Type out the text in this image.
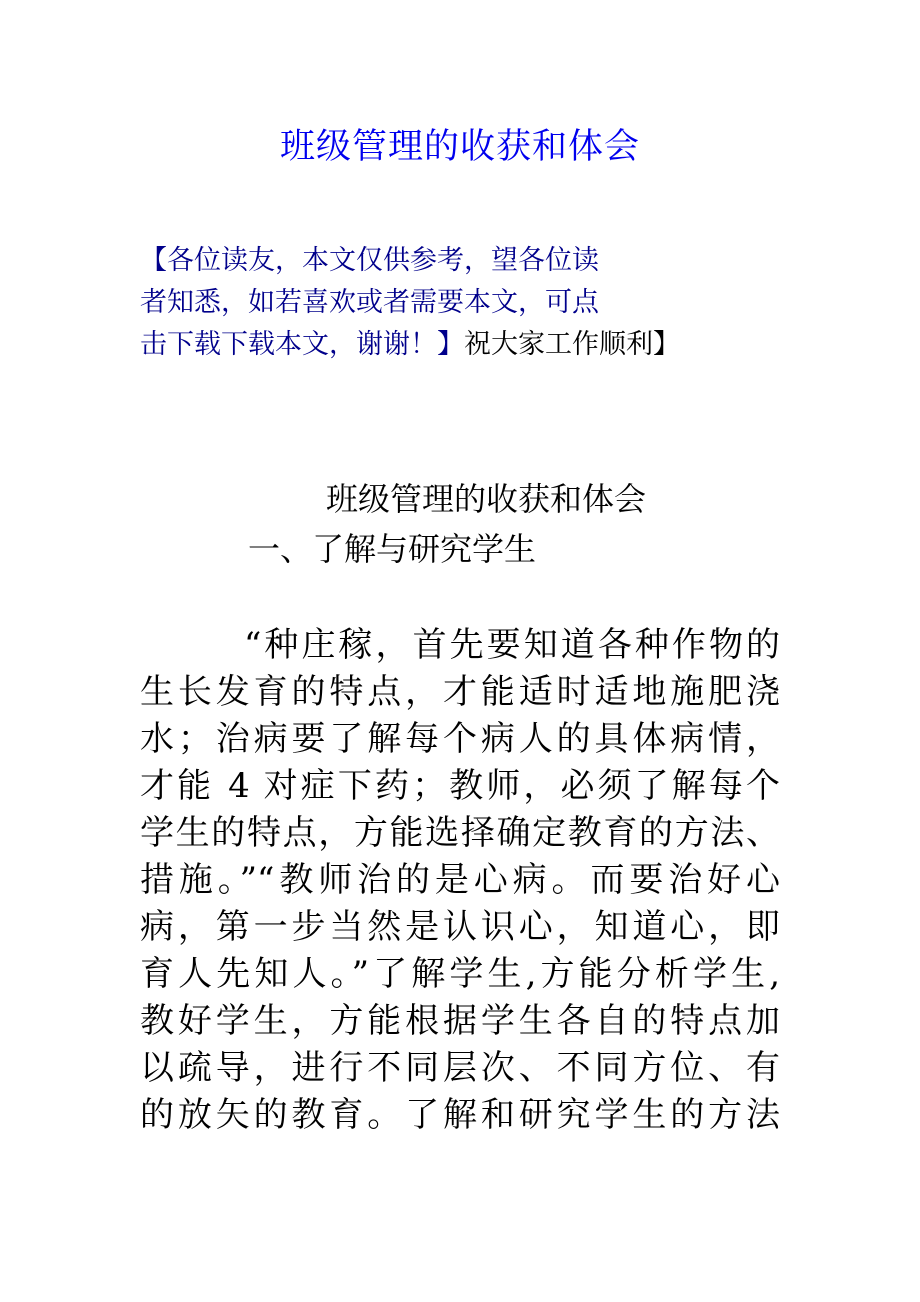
班级管理的收获和体会
【各位读友，本文仅供参考，望各位读
者知悉，如若喜欢或者需要本文，可点
击下载下载本文，谢谢！】祝大家工作顺利】
班级管理的收获和体会
一、了解与研究学生
“种庄稼，首先要知道各种作物的
生长发育的特点，才能适时适地施肥浇
水；治病要了解每个病人的具体病情，
才能 4 对症下药；教师，必须了解每个
学生的特点，方能选择确定教育的方法、
措施。”“教师治的是心病。而要治好心
病，第一步当然是认识心，知道心，即
育人先知人。”了解学生,方能分析学生,
教好学生，方能根据学生各自的特点加
以疏导，进行不同层次、不同方位、有
的放矢的教育。了解和研究学生的方法
